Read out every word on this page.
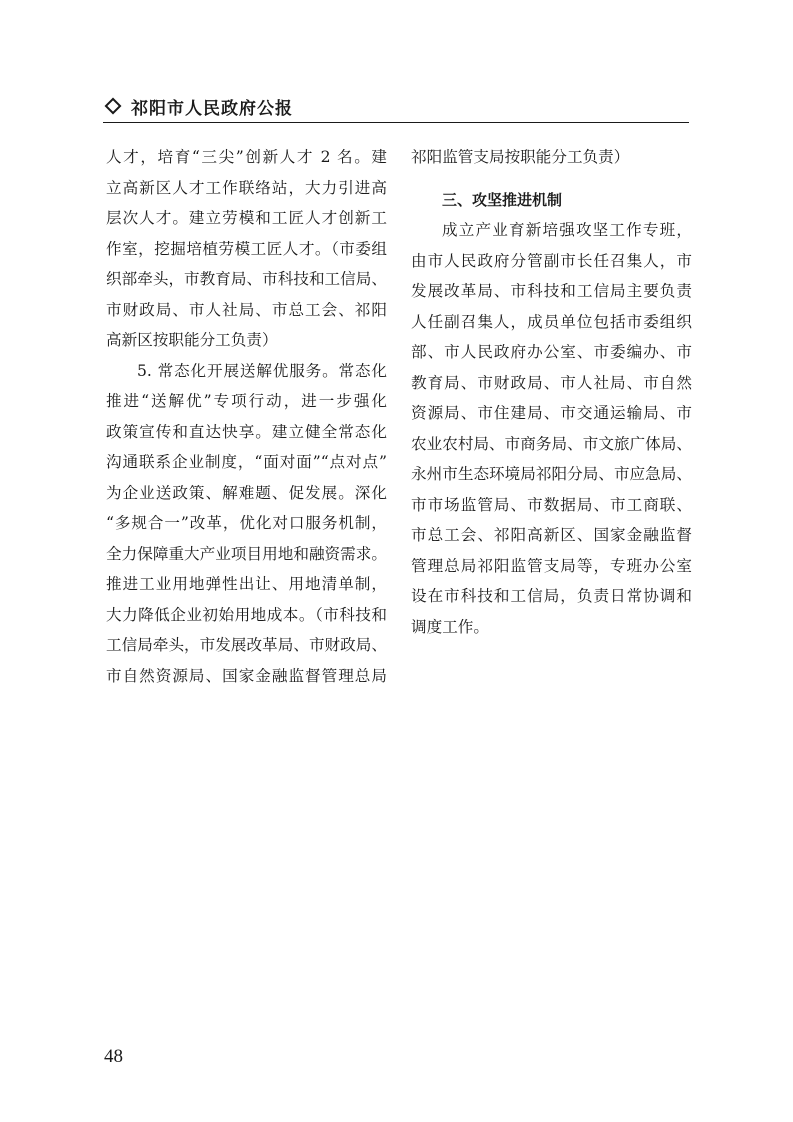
祁阳市人民政府公报
人才，培育“三尖”创新人才 2 名。建
立高新区人才工作联络站，大力引进高
层次人才。建立劳模和工匠人才创新工
作室，挖掘培植劳模工匠人才。（市委组
织部牵头，市教育局、市科技和工信局、
市财政局、市人社局、市总工会、祁阳
高新区按职能分工负责）
5. 常态化开展送解优服务。常态化
推进“送解优”专项行动，进一步强化
政策宣传和直达快享。建立健全常态化
沟通联系企业制度，“面对面”“点对点”
为企业送政策、解难题、促发展。深化
“多规合一”改革，优化对口服务机制，
全力保障重大产业项目用地和融资需求。
推进工业用地弹性出让、用地清单制，
大力降低企业初始用地成本。（市科技和
工信局牵头，市发展改革局、市财政局、
市自然资源局、国家金融监督管理总局
祁阳监管支局按职能分工负责）
三、攻坚推进机制
成立产业育新培强攻坚工作专班，
由市人民政府分管副市长任召集人，市
发展改革局、市科技和工信局主要负责
人任副召集人，成员单位包括市委组织
部、市人民政府办公室、市委编办、市
教育局、市财政局、市人社局、市自然
资源局、市住建局、市交通运输局、市
农业农村局、市商务局、市文旅广体局、
永州市生态环境局祁阳分局、市应急局、
市市场监管局、市数据局、市工商联、
市总工会、祁阳高新区、国家金融监督
管理总局祁阳监管支局等，专班办公室
设在市科技和工信局，负责日常协调和
调度工作。
48
